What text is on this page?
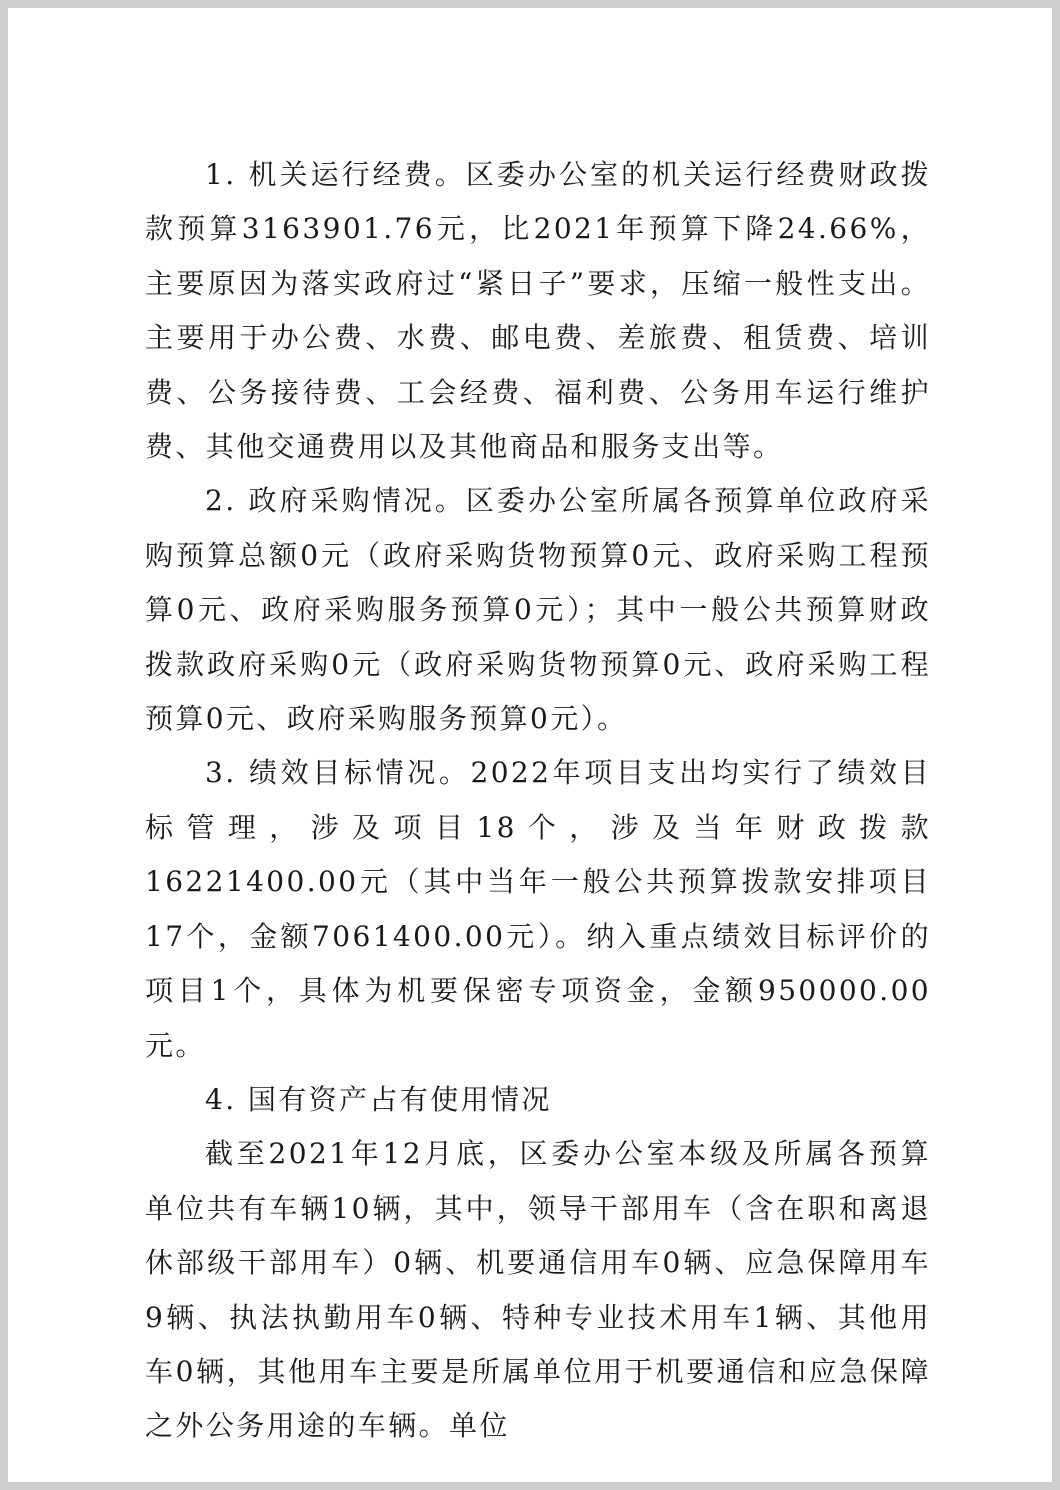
1. 机关运行经费。区委办公室的机关运行经费财政拨款预算3163901.76元，比2021年预算下降24.66%，主要原因为落实政府过“紧日子”要求，压缩一般性支出。主要用于办公费、水费、邮电费、差旅费、租赁费、培训费、公务接待费、工会经费、福利费、公务用车运行维护费、其他交通费用以及其他商品和服务支出等。

2. 政府采购情况。区委办公室所属各预算单位政府采购预算总额0元（政府采购货物预算0元、政府采购工程预算0元、政府采购服务预算0元）；其中一般公共预算财政拨款政府采购0元（政府采购货物预算0元、政府采购工程预算0元、政府采购服务预算0元）。

3. 绩效目标情况。2022年项目支出均实行了绩效目标管理，涉及项目18个，涉及当年财政拨款16221400.00元（其中当年一般公共预算拨款安排项目17个，金额7061400.00元）。纳入重点绩效目标评价的项目1个，具体为机要保密专项资金，金额950000.00元。

4. 国有资产占有使用情况

截至2021年12月底，区委办公室本级及所属各预算单位共有车辆10辆，其中，领导干部用车（含在职和离退休部级干部用车）0辆、机要通信用车0辆、应急保障用车9辆、执法执勤用车0辆、特种专业技术用车1辆、其他用车0辆，其他用车主要是所属单位用于机要通信和应急保障之外公务用途的车辆。单位
